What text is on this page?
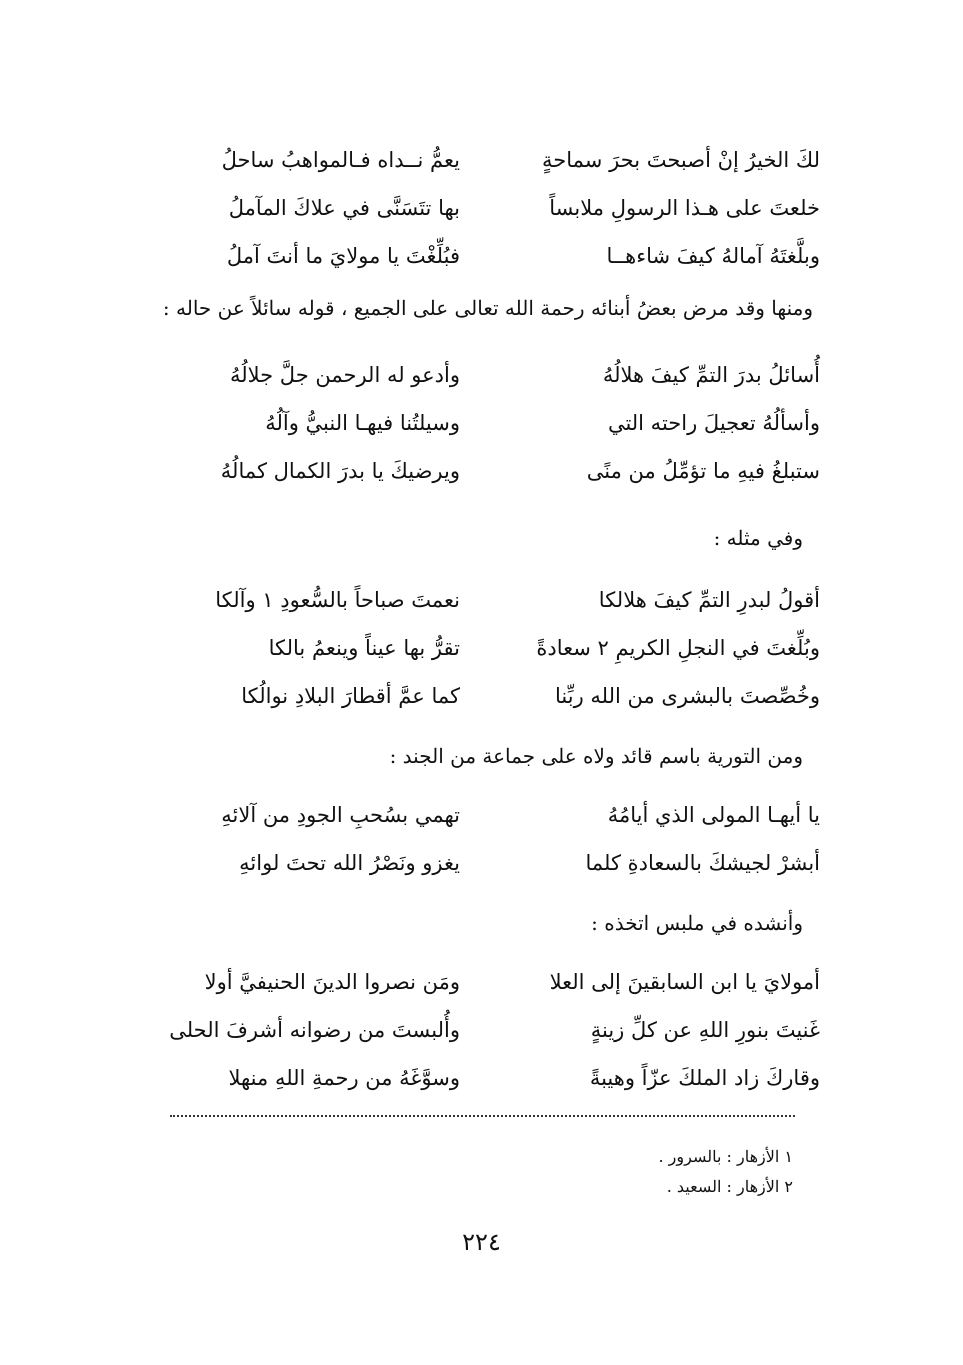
لكَ الخيرُ إنْ أصبحتَ بحرَ سماحةٍ
يعمُّ نــداه فـالمواهبُ ساحلُ
خلعتَ على هـذا الرسولِ ملابساً
بها تتَسَنَّى في علاكَ المآملُ
وبلَّغتَهُ آمالهُ كيفَ شاءهــا
فبُلِّغْتَ يا مولايَ ما أنتَ آملُ
ومنها وقد مرض بعضُ أبنائه رحمة الله تعالى على الجميع ، قوله سائلاً عن حاله :
أُسائلُ بدرَ التمِّ كيفَ هلالُهُ
وأدعو له الرحمن جلَّ جلالُهُ
وأسألُهُ تعجيلَ راحته التي
وسيلتُنا فيهـا النبيُّ وآلُهُ
ستبلغُ فيهِ ما تؤمِّلُ من منًى
ويرضيكَ يا بدرَ الكمال كمالُهُ
وفي مثله :
أقولُ لبدرِ التمِّ كيفَ هلالكا
نعمتَ صباحاً بالسُّعودِ ١ وآلكا
وبُلِّغتَ في النجلِ الكريمِ ٢ سعادةً
تقرُّ بها عيناً وينعمُ بالكا
وخُصِّصتَ بالبشرى من الله ربِّنا
كما عمَّ أقطارَ البلادِ نوالُكا
ومن التورية باسم قائد ولاه على جماعة من الجند :
يا أيهـا المولى الذي أيامُهُ
تهمي بسُحبِ الجودِ من آلائهِ
أبشرْ لجيشكَ بالسعادةِ كلما
يغزو ونَصْرُ الله تحتَ لوائهِ
وأنشده في ملبس اتخذه :
أمولايَ يا ابن السابقينَ إلى العلا
ومَن نصروا الدينَ الحنيفيَّ أولا
غَنيتَ بنورِ اللهِ عن كلِّ زينةٍ
وأُلبستَ من رضوانه أشرفَ الحلى
وقاركَ زاد الملكَ عزّاً وهيبةً
وسوَّغَهُ من رحمةِ اللهِ منهلا
١ الأزهار : بالسرور .
٢ الأزهار : السعيد .
٢٢٤
